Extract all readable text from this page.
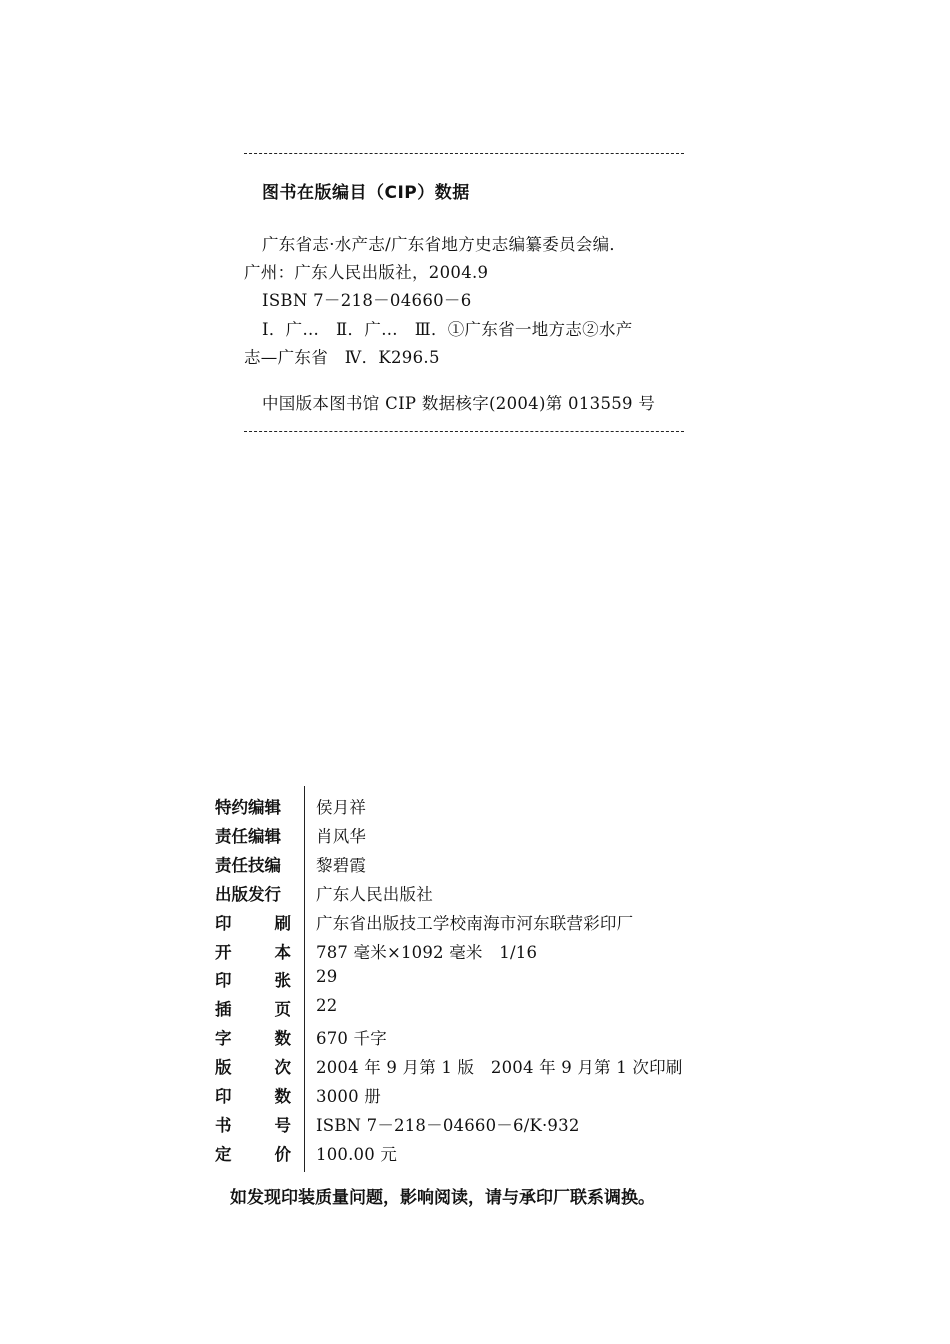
图书在版编目（CIP）数据
广东省志·水产志/广东省地方史志编纂委员会编．
广州：广东人民出版社，2004.9
ISBN 7－218－04660－6
Ⅰ．广…　Ⅱ．广…　Ⅲ．①广东省一地方志②水产
志—广东省　Ⅳ．K296.5
中国版本图书馆 CIP 数据核字(2004)第 013559 号
特约编辑 侯月祥
责任编辑 肖风华
责任技编 黎碧霞
出版发行 广东人民出版社
印	刷 广东省出版技工学校南海市河东联营彩印厂
开	本 787 毫米×1092 毫米　1/16
印	张 29
插	页 22
字	数 670 千字
版	次 2004 年 9 月第 1 版　2004 年 9 月第 1 次印刷
印	数 3000 册
书	号 ISBN 7－218－04660－6/K·932
定	价 100.00 元
如发现印装质量问题，影响阅读，请与承印厂联系调换。
